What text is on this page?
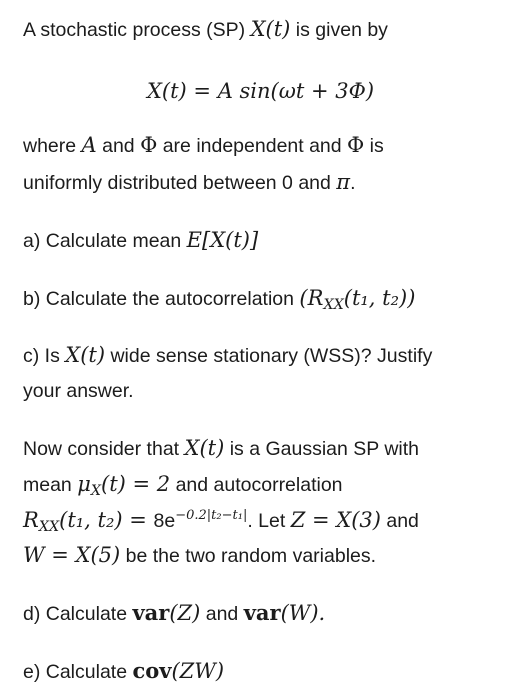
A stochastic process (SP) X(t) is given by
X(t) = A sin(ωt + 3Φ)
where A and Φ are independent and Φ is
uniformly distributed between 0 and π.
a) Calculate mean E[X(t)]
b) Calculate the autocorrelation ($R_{XX}(t_1$, t₂))
c) Is X(t) wide sense stationary (WSS)? Justify
your answer.
Now consider that X(t) is a Gaussian SP with
mean $\mu_X(t) = 2$ and autocorrelation
$R_{XX}(t_1$, $t_2) = 8e^{-0.2|t_2-t_1|}$. Let Z = X(3) and
W = X(5) be the two random variables.
d) Calculate var(Z) and var(W).
e) Calculate cov(ZW)
